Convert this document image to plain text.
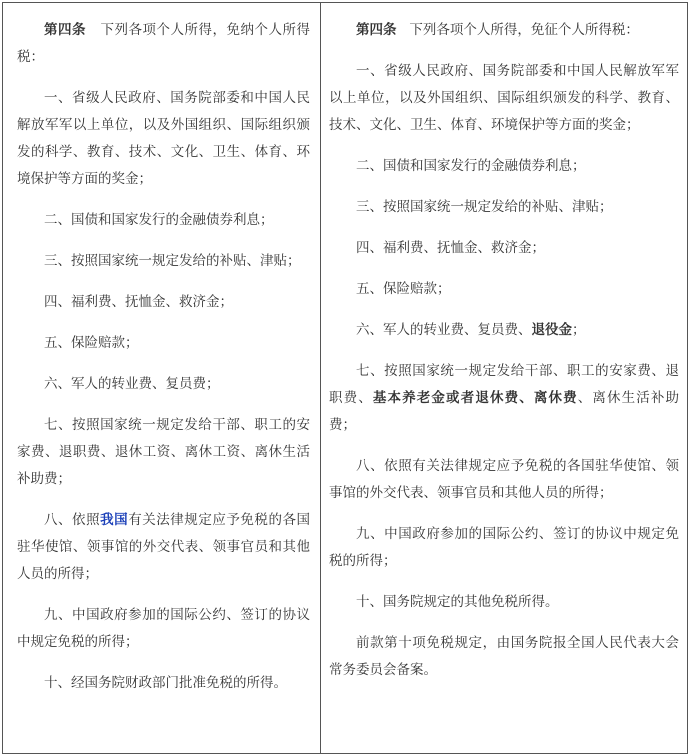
第四条 下列各项个人所得，免纳个人所得税：

一、省级人民政府、国务院部委和中国人民解放军军以上单位，以及外国组织、国际组织颁发的科学、教育、技术、文化、卫生、体育、环境保护等方面的奖金；

二、国债和国家发行的金融债券利息；

三、按照国家统一规定发给的补贴、津贴；

四、福利费、抚恤金、救济金；

五、保险赔款；

六、军人的转业费、复员费；

七、按照国家统一规定发给干部、职工的安家费、退职费、退休工资、离休工资、离休生活补助费；

八、依照我国有关法律规定应予免税的各国驻华使馆、领事馆的外交代表、领事官员和其他人员的所得；

九、中国政府参加的国际公约、签订的协议中规定免税的所得；

十、经国务院财政部门批准免税的所得。

第四条 下列各项个人所得，免征个人所得税：

一、省级人民政府、国务院部委和中国人民解放军军以上单位，以及外国组织、国际组织颁发的科学、教育、技术、文化、卫生、体育、环境保护等方面的奖金；

二、国债和国家发行的金融债券利息；

三、按照国家统一规定发给的补贴、津贴；

四、福利费、抚恤金、救济金；

五、保险赔款；

六、军人的转业费、复员费、退役金；

七、按照国家统一规定发给干部、职工的安家费、退职费、基本养老金或者退休费、离休费、离休生活补助费；

八、依照有关法律规定应予免税的各国驻华使馆、领事馆的外交代表、领事官员和其他人员的所得；

九、中国政府参加的国际公约、签订的协议中规定免税的所得；

十、国务院规定的其他免税所得。

前款第十项免税规定，由国务院报全国人民代表大会常务委员会备案。
